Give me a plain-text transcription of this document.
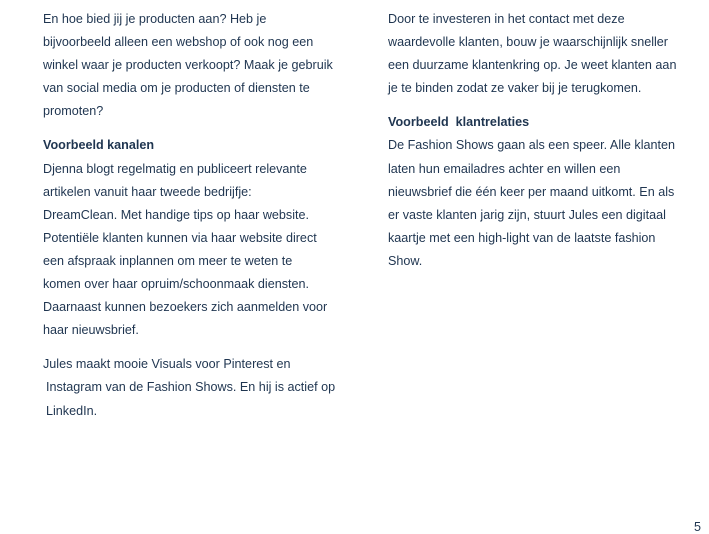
En hoe bied jij je producten aan? Heb je
bijvoorbeeld alleen een webshop of ook nog een
winkel waar je producten verkoopt? Maak je gebruik
van social media om je producten of diensten te
promoten?

Voorbeeld kanalen

Djenna blogt regelmatig en publiceert relevante
artikelen vanuit haar tweede bedrijfje:
DreamClean. Met handige tips op haar website.
Potentiële klanten kunnen via haar website direct
een afspraak inplannen om meer te weten te
komen over haar opruim/schoonmaak diensten.
Daarnaast kunnen bezoekers zich aanmelden voor
haar nieuwsbrief.

Jules maakt mooie Visuals voor Pinterest en
Instagram van de Fashion Shows. En hij is actief op
LinkedIn.

Door te investeren in het contact met deze
waardevolle klanten, bouw je waarschijnlijk sneller
een duurzame klantenkring op. Je weet klanten aan
je te binden zodat ze vaker bij je terugkomen.

Voorbeeld  klantrelaties

De Fashion Shows gaan als een speer. Alle klanten
laten hun emailadres achter en willen een
nieuwsbrief die één keer per maand uitkomt. En als
er vaste klanten jarig zijn, stuurt Jules een digitaal
kaartje met een high-light van de laatste fashion
Show.

5
